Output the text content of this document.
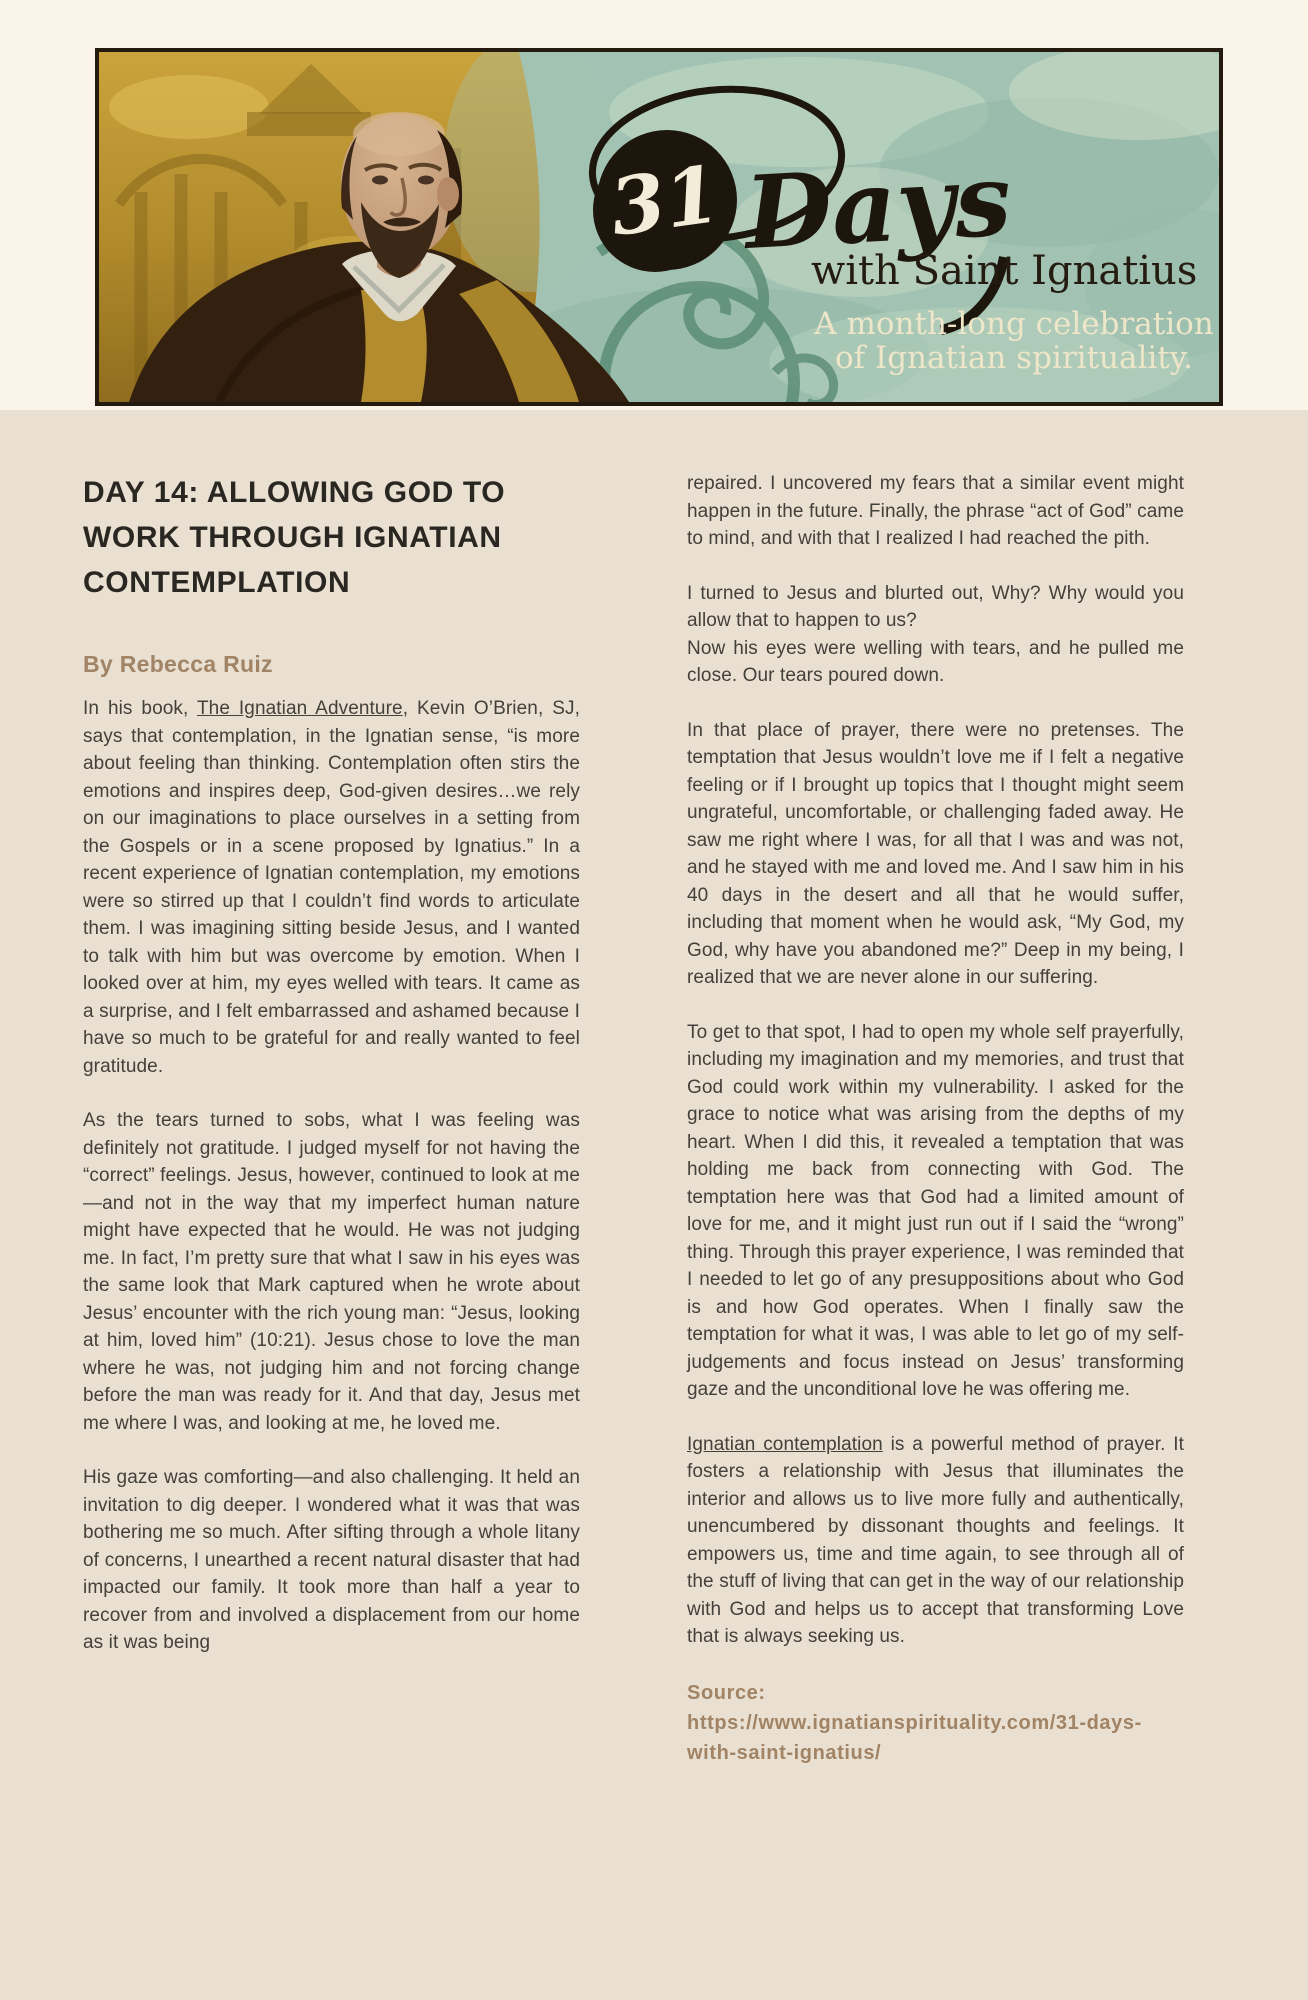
31 Days
with Saint Ignatius
A month-long celebration
of Ignatian spirituality.
DAY 14: ALLOWING GOD TO WORK THROUGH IGNATIAN CONTEMPLATION
By Rebecca Ruiz

In his book, The Ignatian Adventure, Kevin O’Brien, SJ, says that contemplation, in the Ignatian sense, “is more about feeling than thinking. Contemplation often stirs the emotions and inspires deep, God-given desires…we rely on our imaginations to place ourselves in a setting from the Gospels or in a scene proposed by Ignatius.” In a recent experience of Ignatian contemplation, my emotions were so stirred up that I couldn’t find words to articulate them. I was imagining sitting beside Jesus, and I wanted to talk with him but was overcome by emotion. When I looked over at him, my eyes welled with tears. It came as a surprise, and I felt embarrassed and ashamed because I have so much to be grateful for and really wanted to feel gratitude.

As the tears turned to sobs, what I was feeling was definitely not gratitude. I judged myself for not having the “correct” feelings. Jesus, however, continued to look at me—and not in the way that my imperfect human nature might have expected that he would. He was not judging me. In fact, I’m pretty sure that what I saw in his eyes was the same look that Mark captured when he wrote about Jesus’ encounter with the rich young man: “Jesus, looking at him, loved him” (10:21). Jesus chose to love the man where he was, not judging him and not forcing change before the man was ready for it. And that day, Jesus met me where I was, and looking at me, he loved me.

His gaze was comforting—and also challenging. It held an invitation to dig deeper. I wondered what it was that was bothering me so much. After sifting through a whole litany of concerns, I unearthed a recent natural disaster that had impacted our family. It took more than half a year to recover from and involved a displacement from our home as it was being

repaired. I uncovered my fears that a similar event might happen in the future. Finally, the phrase “act of God” came to mind, and with that I realized I had reached the pith.

I turned to Jesus and blurted out, Why? Why would you allow that to happen to us?
Now his eyes were welling with tears, and he pulled me close. Our tears poured down.

In that place of prayer, there were no pretenses. The temptation that Jesus wouldn’t love me if I felt a negative feeling or if I brought up topics that I thought might seem ungrateful, uncomfortable, or challenging faded away. He saw me right where I was, for all that I was and was not, and he stayed with me and loved me. And I saw him in his 40 days in the desert and all that he would suffer, including that moment when he would ask, “My God, my God, why have you abandoned me?” Deep in my being, I realized that we are never alone in our suffering.

To get to that spot, I had to open my whole self prayerfully, including my imagination and my memories, and trust that God could work within my vulnerability. I asked for the grace to notice what was arising from the depths of my heart. When I did this, it revealed a temptation that was holding me back from connecting with God. The temptation here was that God had a limited amount of love for me, and it might just run out if I said the “wrong” thing. Through this prayer experience, I was reminded that I needed to let go of any presuppositions about who God is and how God operates. When I finally saw the temptation for what it was, I was able to let go of my self-judgements and focus instead on Jesus’ transforming gaze and the unconditional love he was offering me.

Ignatian contemplation is a powerful method of prayer. It fosters a relationship with Jesus that illuminates the interior and allows us to live more fully and authentically, unencumbered by dissonant thoughts and feelings. It empowers us, time and time again, to see through all of the stuff of living that can get in the way of our relationship with God and helps us to accept that transforming Love that is always seeking us.

Source:
https://www.ignatianspirituality.com/31-days-with-saint-ignatius/
